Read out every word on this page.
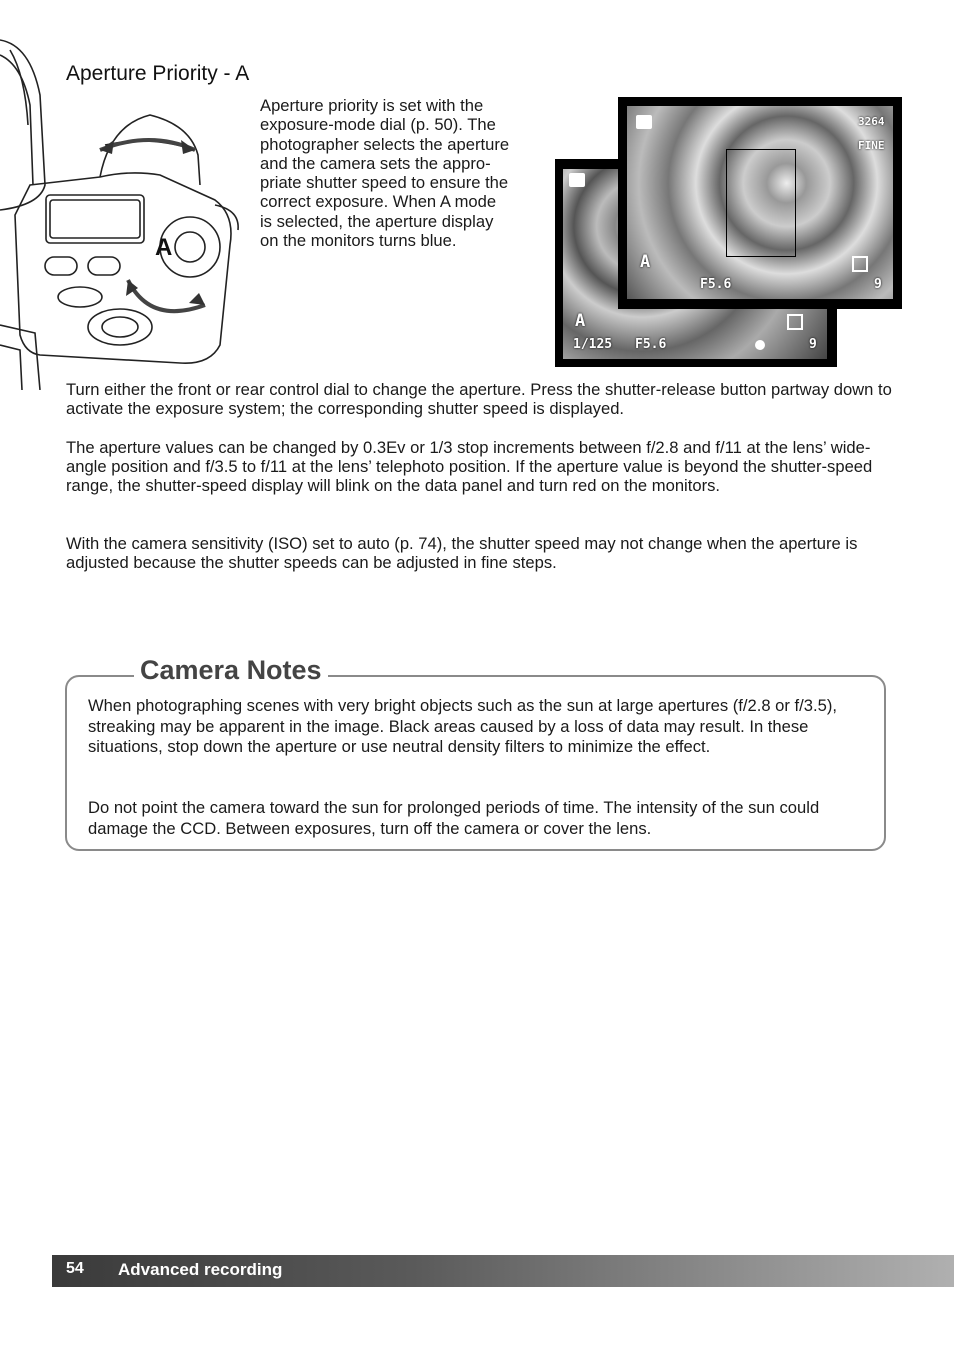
A
Aperture Priority - A
Aperture priority is set with the
exposure-mode dial (p. 50). The
photographer selects the aperture
and the camera sets the appro-
priate shutter speed to ensure the
correct exposure. When A mode
is selected, the aperture display
on the monitors turns blue.
A
1/125 F5.6	9
3264
FINE
A
F5.6	9
Turn either the front or rear control dial to change the aperture. Press the shutter-release button partway down to activate the exposure system; the corresponding shutter speed is displayed.
The aperture values can be changed by 0.3Ev or 1/3 stop increments between f/2.8 and f/11 at the lens’ wide-angle position and f/3.5 to f/11 at the lens’ telephoto position. If the aperture value is beyond the shutter-speed range, the shutter-speed display will blink on the data panel and turn red on the monitors.
With the camera sensitivity (ISO) set to auto (p. 74), the shutter speed may not change when the aperture is adjusted because the shutter speeds can be adjusted in fine steps.
Camera Notes
When photographing scenes with very bright objects such as the sun at large apertures (f/2.8 or f/3.5), streaking may be apparent in the image. Black areas caused by a loss of data may result. In these situations, stop down the aperture or use neutral density filters to minimize the effect.
Do not point the camera toward the sun for prolonged periods of time. The intensity of the sun could damage the CCD. Between exposures, turn off the camera or cover the lens.
54 Advanced recording
